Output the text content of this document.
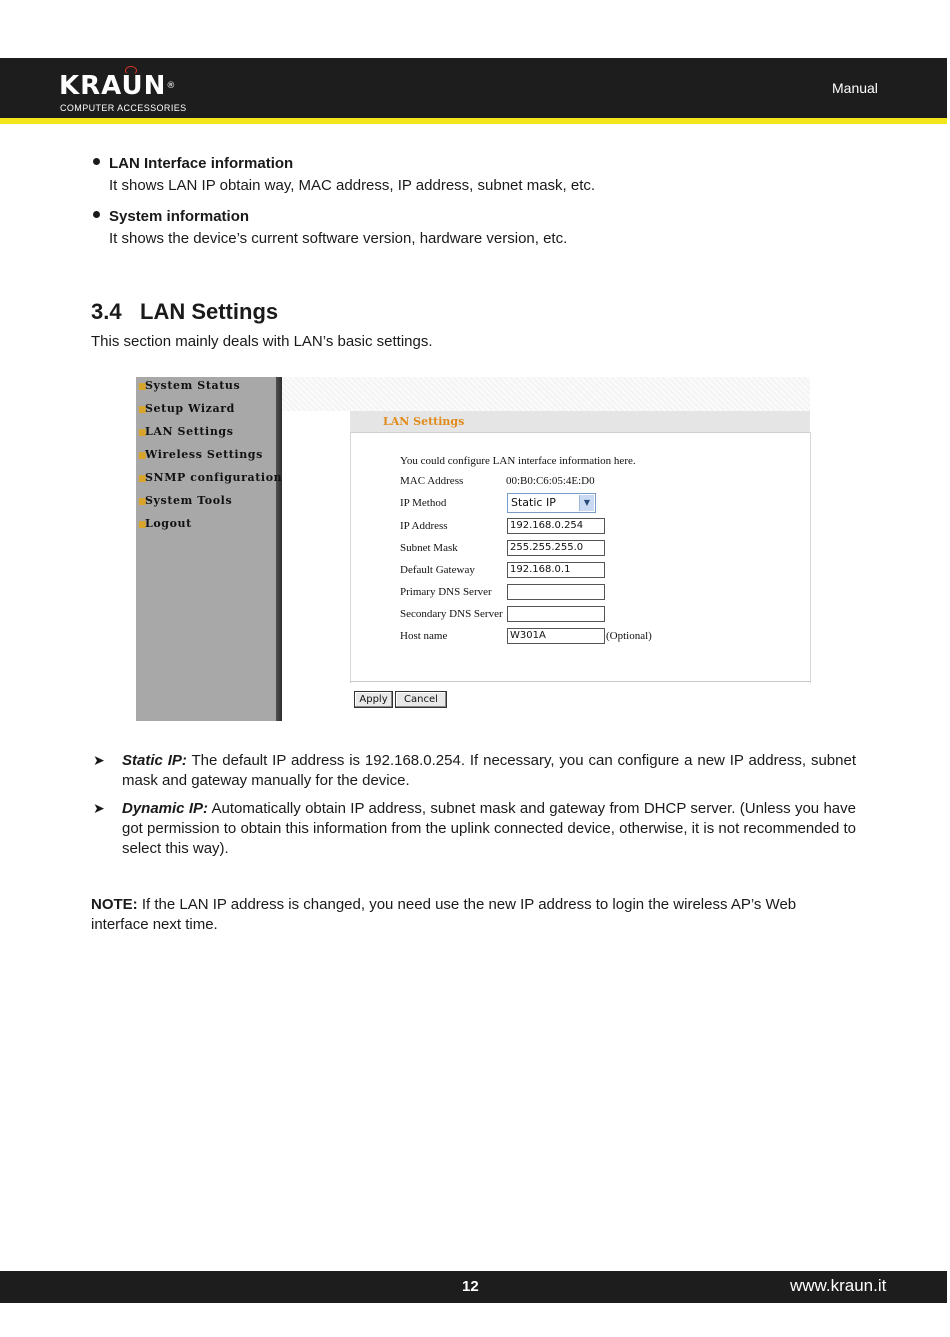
KRAUN®
COMPUTER ACCESSORIES
Manual
LAN Interface information
It shows LAN IP obtain way, MAC address, IP address, subnet mask, etc.
System information
It shows the device’s current software version, hardware version, etc.
3.4 LAN Settings
This section mainly deals with LAN’s basic settings.
■System Status
■Setup Wizard
■LAN Settings
■Wireless Settings
■SNMP configuration
■System Tools
■Logout
LAN Settings
You could configure LAN interface information here.
MAC Address	00:B0:C6:05:4E:D0
IP Method	Static IP	▼
IP Address	192.168.0.254
Subnet Mask	255.255.255.0
Default Gateway	192.168.0.1
Primary DNS Server
Secondary DNS Server
Host name	W301A	(Optional)
Apply	Cancel
➤ Static IP: The default IP address is 192.168.0.254. If necessary, you can configure a new IP address, subnet mask and gateway manually for the device.
➤ Dynamic IP: Automatically obtain IP address, subnet mask and gateway from DHCP server. (Unless you have got permission to obtain this information from the uplink connected device, otherwise, it is not recommended to select this way).
NOTE: If the LAN IP address is changed, you need use the new IP address to login the wireless AP’s Web interface next time.
12	www.kraun.it
